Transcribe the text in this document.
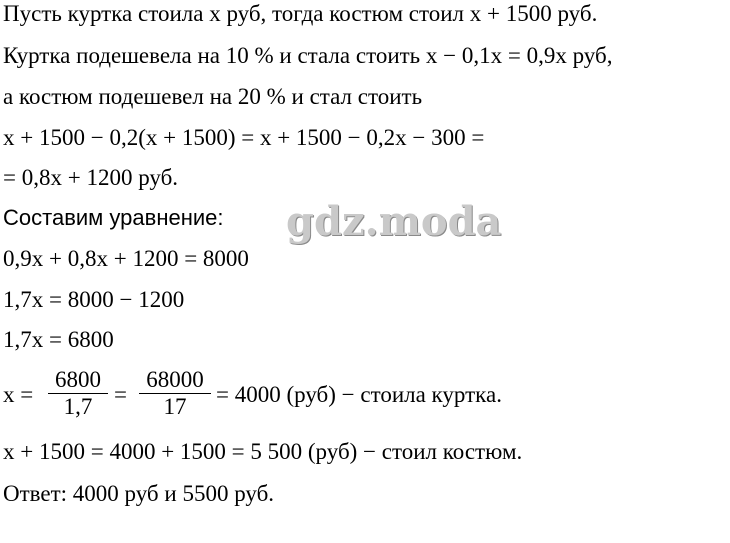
gdz.moda
Пусть куртка стоила x руб, тогда костюм стоил x + 1500 руб.
Куртка подешевела на 10 % и стала стоить x − 0,1x = 0,9x руб,
а костюм подешевел на 20 % и стал стоить
x + 1500 − 0,2(x + 1500) = x + 1500 − 0,2x − 300 =
= 0,8x + 1200 руб.
Составим уравнение:
0,9x + 0,8x + 1200 = 8000
1,7x = 8000 − 1200
1,7x = 6800
$x = \frac{6800}{1,7} = \frac{68000}{17} = 4000$ (руб) − стоила куртка.
x + 1500 = 4000 + 1500 = 5 500 (руб) − стоил костюм.
Ответ: 4000 руб и 5500 руб.
